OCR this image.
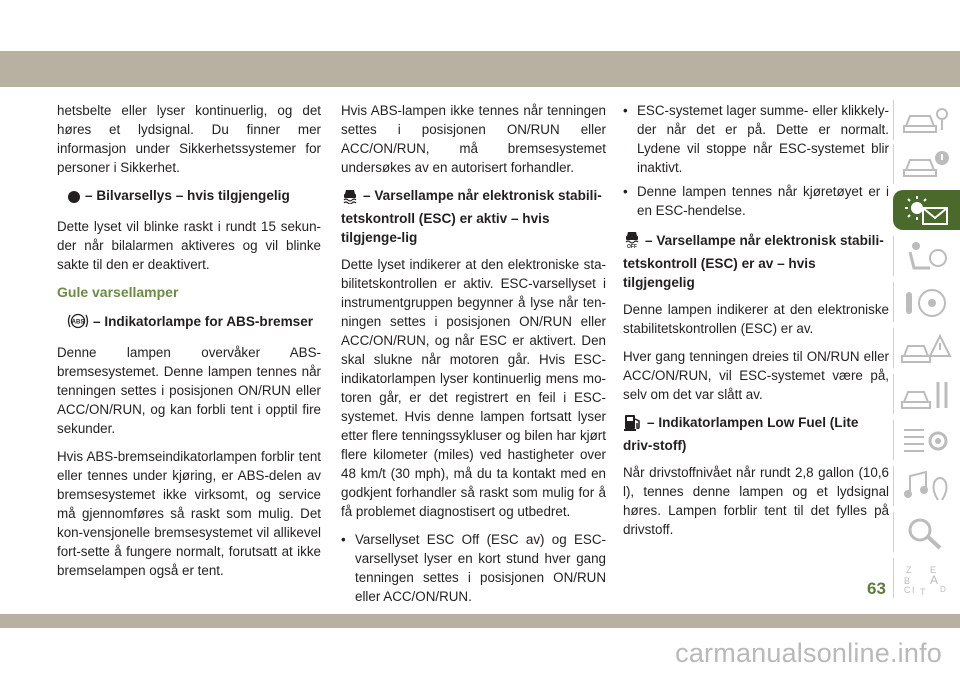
hetsbelte eller lyser kontinuerlig, og det høres et lydsignal. Du finner mer informasjon under Sikkerhetssystemer for personer i Sikkerhet.

– Bilvarsellys – hvis tilgjengelig

Dette lyset vil blinke raskt i rundt 15 sekun-der når bilalarmen aktiveres og vil blinke sakte til den er deaktivert.

Gule varsellamper
ABS – Indikatorlampe for ABS-bremser

Denne lampen overvåker ABS-bremsesystemet. Denne lampen tennes når tenningen settes i posisjonen ON/RUN eller ACC/ON/RUN, og kan forbli tent i opptil fire sekunder.

Hvis ABS-bremseindikatorlampen forblir tent eller tennes under kjøring, er ABS-delen av bremsesystemet ikke virksomt, og service må gjennomføres så raskt som mulig. Det kon-vensjonelle bremsesystemet vil allikevel fort-sette å fungere normalt, forutsatt at ikke bremselampen også er tent.

Hvis ABS-lampen ikke tennes når tenningen settes i posisjonen ON/RUN eller ACC/ON/RUN, må bremsesystemet undersøkes av en autorisert forhandler.

– Varsellampe når elektronisk stabili-tetskontroll (ESC) er aktiv – hvis tilgjenge-lig

Dette lyset indikerer at den elektroniske sta-bilitetskontrollen er aktiv. ESC-varsellyset i instrumentgruppen begynner å lyse når ten-ningen settes i posisjonen ON/RUN eller ACC/ON/RUN, og når ESC er aktivert. Den skal slukne når motoren går. Hvis ESC-indikatorlampen lyser kontinuerlig mens mo-toren går, er det registrert en feil i ESC-systemet. Hvis denne lampen fortsatt lyser etter flere tenningssykluser og bilen har kjørt flere kilometer (miles) ved hastigheter over 48 km/t (30 mph), må du ta kontakt med en godkjent forhandler så raskt som mulig for å få problemet diagnostisert og utbedret.

• Varsellyset ESC Off (ESC av) og ESC-varsellyset lyser en kort stund hver gang tenningen settes i posisjonen ON/RUN eller ACC/ON/RUN.
• ESC-systemet lager summe- eller klikkely-der når det er på. Dette er normalt. Lydene vil stoppe når ESC-systemet blir inaktivt.
• Denne lampen tennes når kjøretøyet er i en ESC-hendelse.
OFF – Varsellampe når elektronisk stabili-tetskontroll (ESC) er av – hvis tilgjengelig

Denne lampen indikerer at den elektroniske stabilitetskontrollen (ESC) er av.

Hver gang tenningen dreies til ON/RUN eller ACC/ON/RUN, vil ESC-systemet være på, selv om det var slått av.

– Indikatorlampen Low Fuel (Lite driv-stoff)

Når drivstoffnivået når rundt 2,8 gallon (10,6 l), tennes denne lampen og et lydsignal høres. Lampen forblir tent til det fylles på drivstoff.

Z E
B A
I
C T D
63
carmanualsonline.info
